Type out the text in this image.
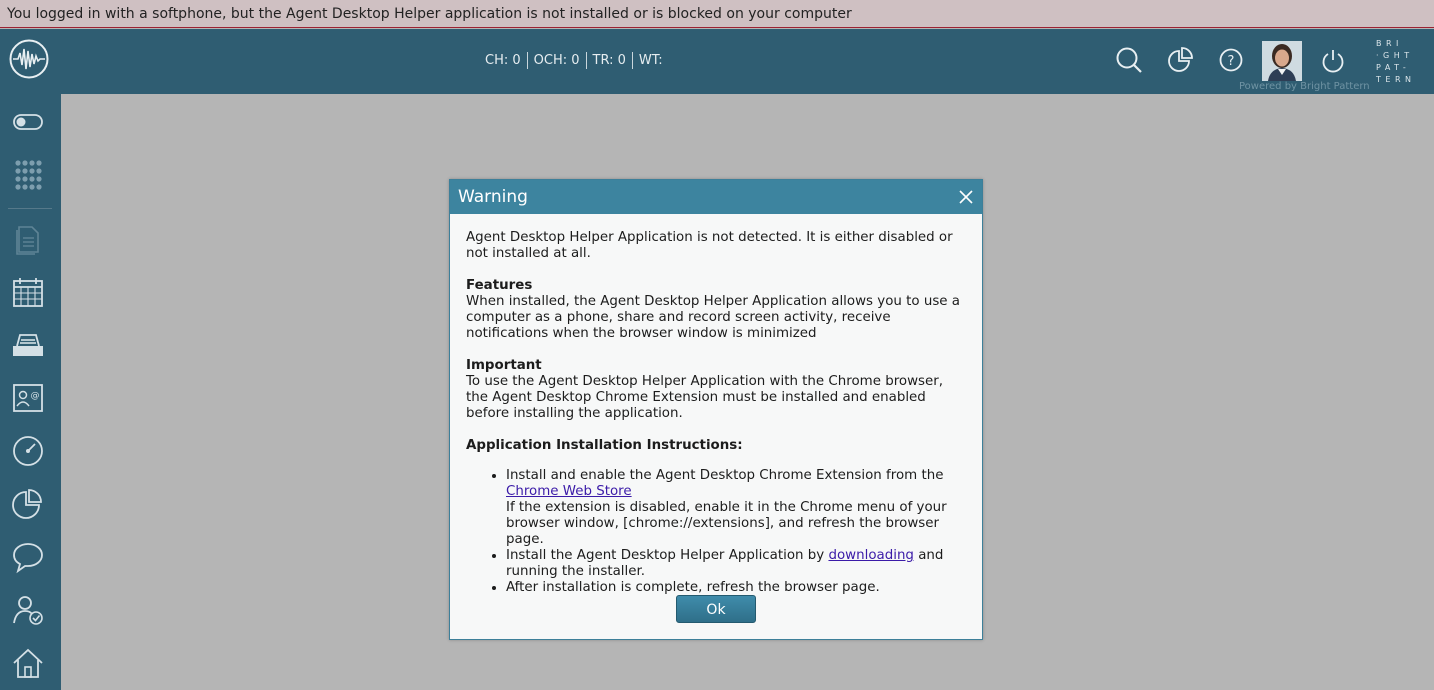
You logged in with a softphone, but the Agent Desktop Helper application is not installed or is blocked on your computer
CH: 0	OCH: 0	TR: 0	WT:	?
BRI
·GHT
PAT-
TERN
Powered by Bright Pattern
@
Warning

Agent Desktop Helper Application is not detected. It is either disabled or not installed at all.

Features
When installed, the Agent Desktop Helper Application allows you to use a computer as a phone, share and record screen activity, receive notifications when the browser window is minimized

Important
To use the Agent Desktop Helper Application with the Chrome browser, the Agent Desktop Chrome Extension must be installed and enabled before installing the application.

Application Installation Instructions:
• Install and enable the Agent Desktop Chrome Extension from the Chrome Web Store
If the extension is disabled, enable it in the Chrome menu of your browser window, [chrome://extensions], and refresh the browser page.
• Install the Agent Desktop Helper Application by downloading and running the installer.
• After installation is complete, refresh the browser page.
Ok
